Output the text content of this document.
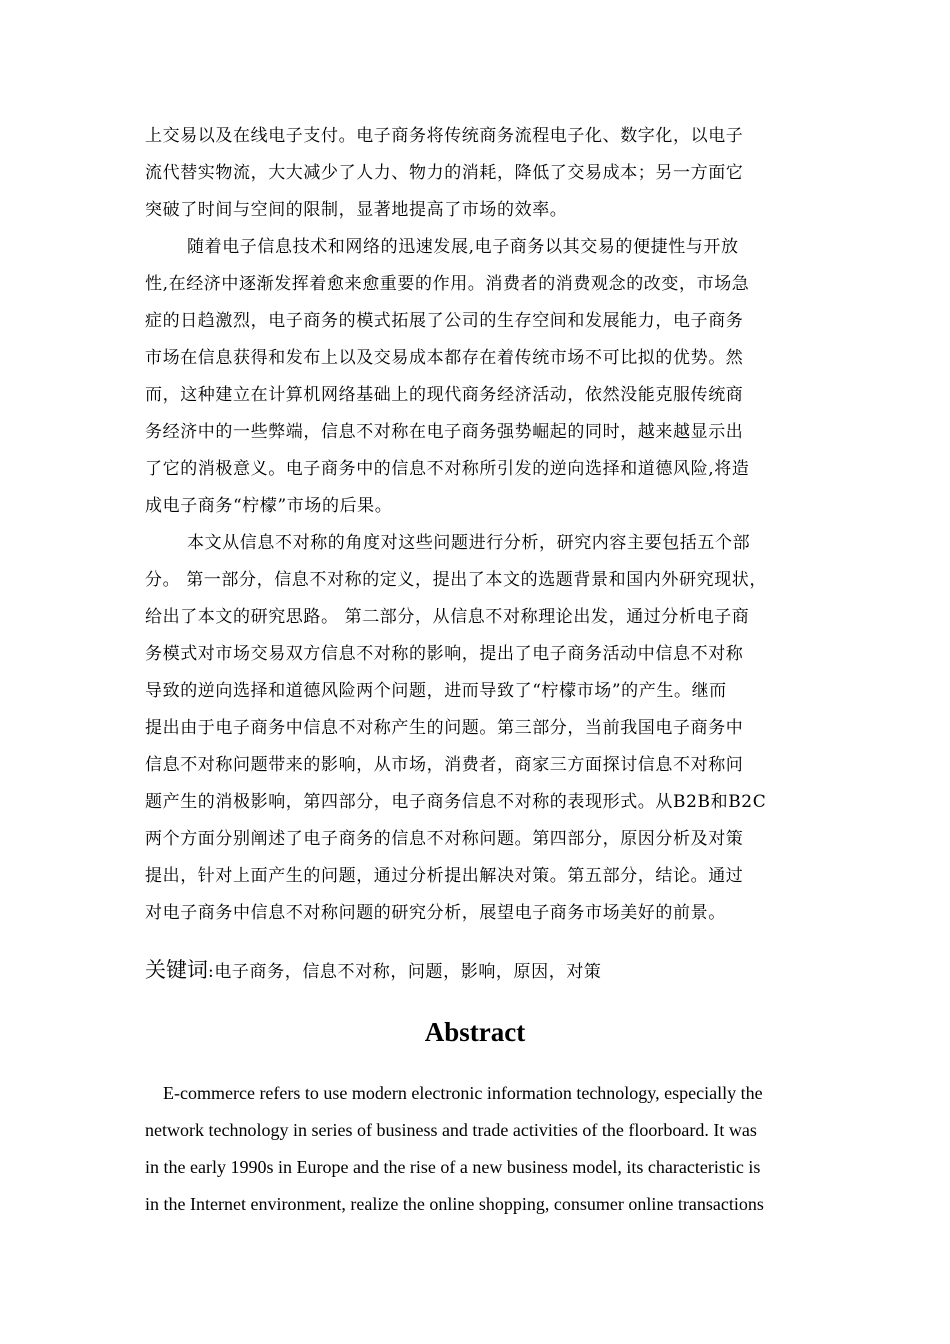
上交易以及在线电子支付。电子商务将传统商务流程电子化、数字化，以电子
流代替实物流，大大减少了人力、物力的消耗，降低了交易成本；另一方面它
突破了时间与空间的限制，显著地提高了市场的效率。
随着电子信息技术和网络的迅速发展,电子商务以其交易的便捷性与开放
性,在经济中逐渐发挥着愈来愈重要的作用。消费者的消费观念的改变，市场急
症的日趋激烈，电子商务的模式拓展了公司的生存空间和发展能力，电子商务
市场在信息获得和发布上以及交易成本都存在着传统市场不可比拟的优势。然
而，这种建立在计算机网络基础上的现代商务经济活动，依然没能克服传统商
务经济中的一些弊端，信息不对称在电子商务强势崛起的同时，越来越显示出
了它的消极意义。电子商务中的信息不对称所引发的逆向选择和道德风险,将造
成电子商务“柠檬”市场的后果。
本文从信息不对称的角度对这些问题进行分析，研究内容主要包括五个部
分。 第一部分，信息不对称的定义，提出了本文的选题背景和国内外研究现状，
给出了本文的研究思路。 第二部分，从信息不对称理论出发，通过分析电子商
务模式对市场交易双方信息不对称的影响，提出了电子商务活动中信息不对称
导致的逆向选择和道德风险两个问题，进而导致了“柠檬市场”的产生。继而
提出由于电子商务中信息不对称产生的问题。第三部分，当前我国电子商务中
信息不对称问题带来的影响，从市场，消费者，商家三方面探讨信息不对称问
题产生的消极影响，第四部分，电子商务信息不对称的表现形式。从B2B和B2C
两个方面分别阐述了电子商务的信息不对称问题。第四部分，原因分析及对策
提出，针对上面产生的问题，通过分析提出解决对策。第五部分，结论。通过
对电子商务中信息不对称问题的研究分析，展望电子商务市场美好的前景。
关键词:电子商务，信息不对称，问题，影响，原因，对策
Abstract
E-commerce refers to use modern electronic information technology, especially the
network technology in series of business and trade activities of the floorboard. It was
in the early 1990s in Europe and the rise of a new business model, its characteristic is
in the Internet environment, realize the online shopping, consumer online transactions
